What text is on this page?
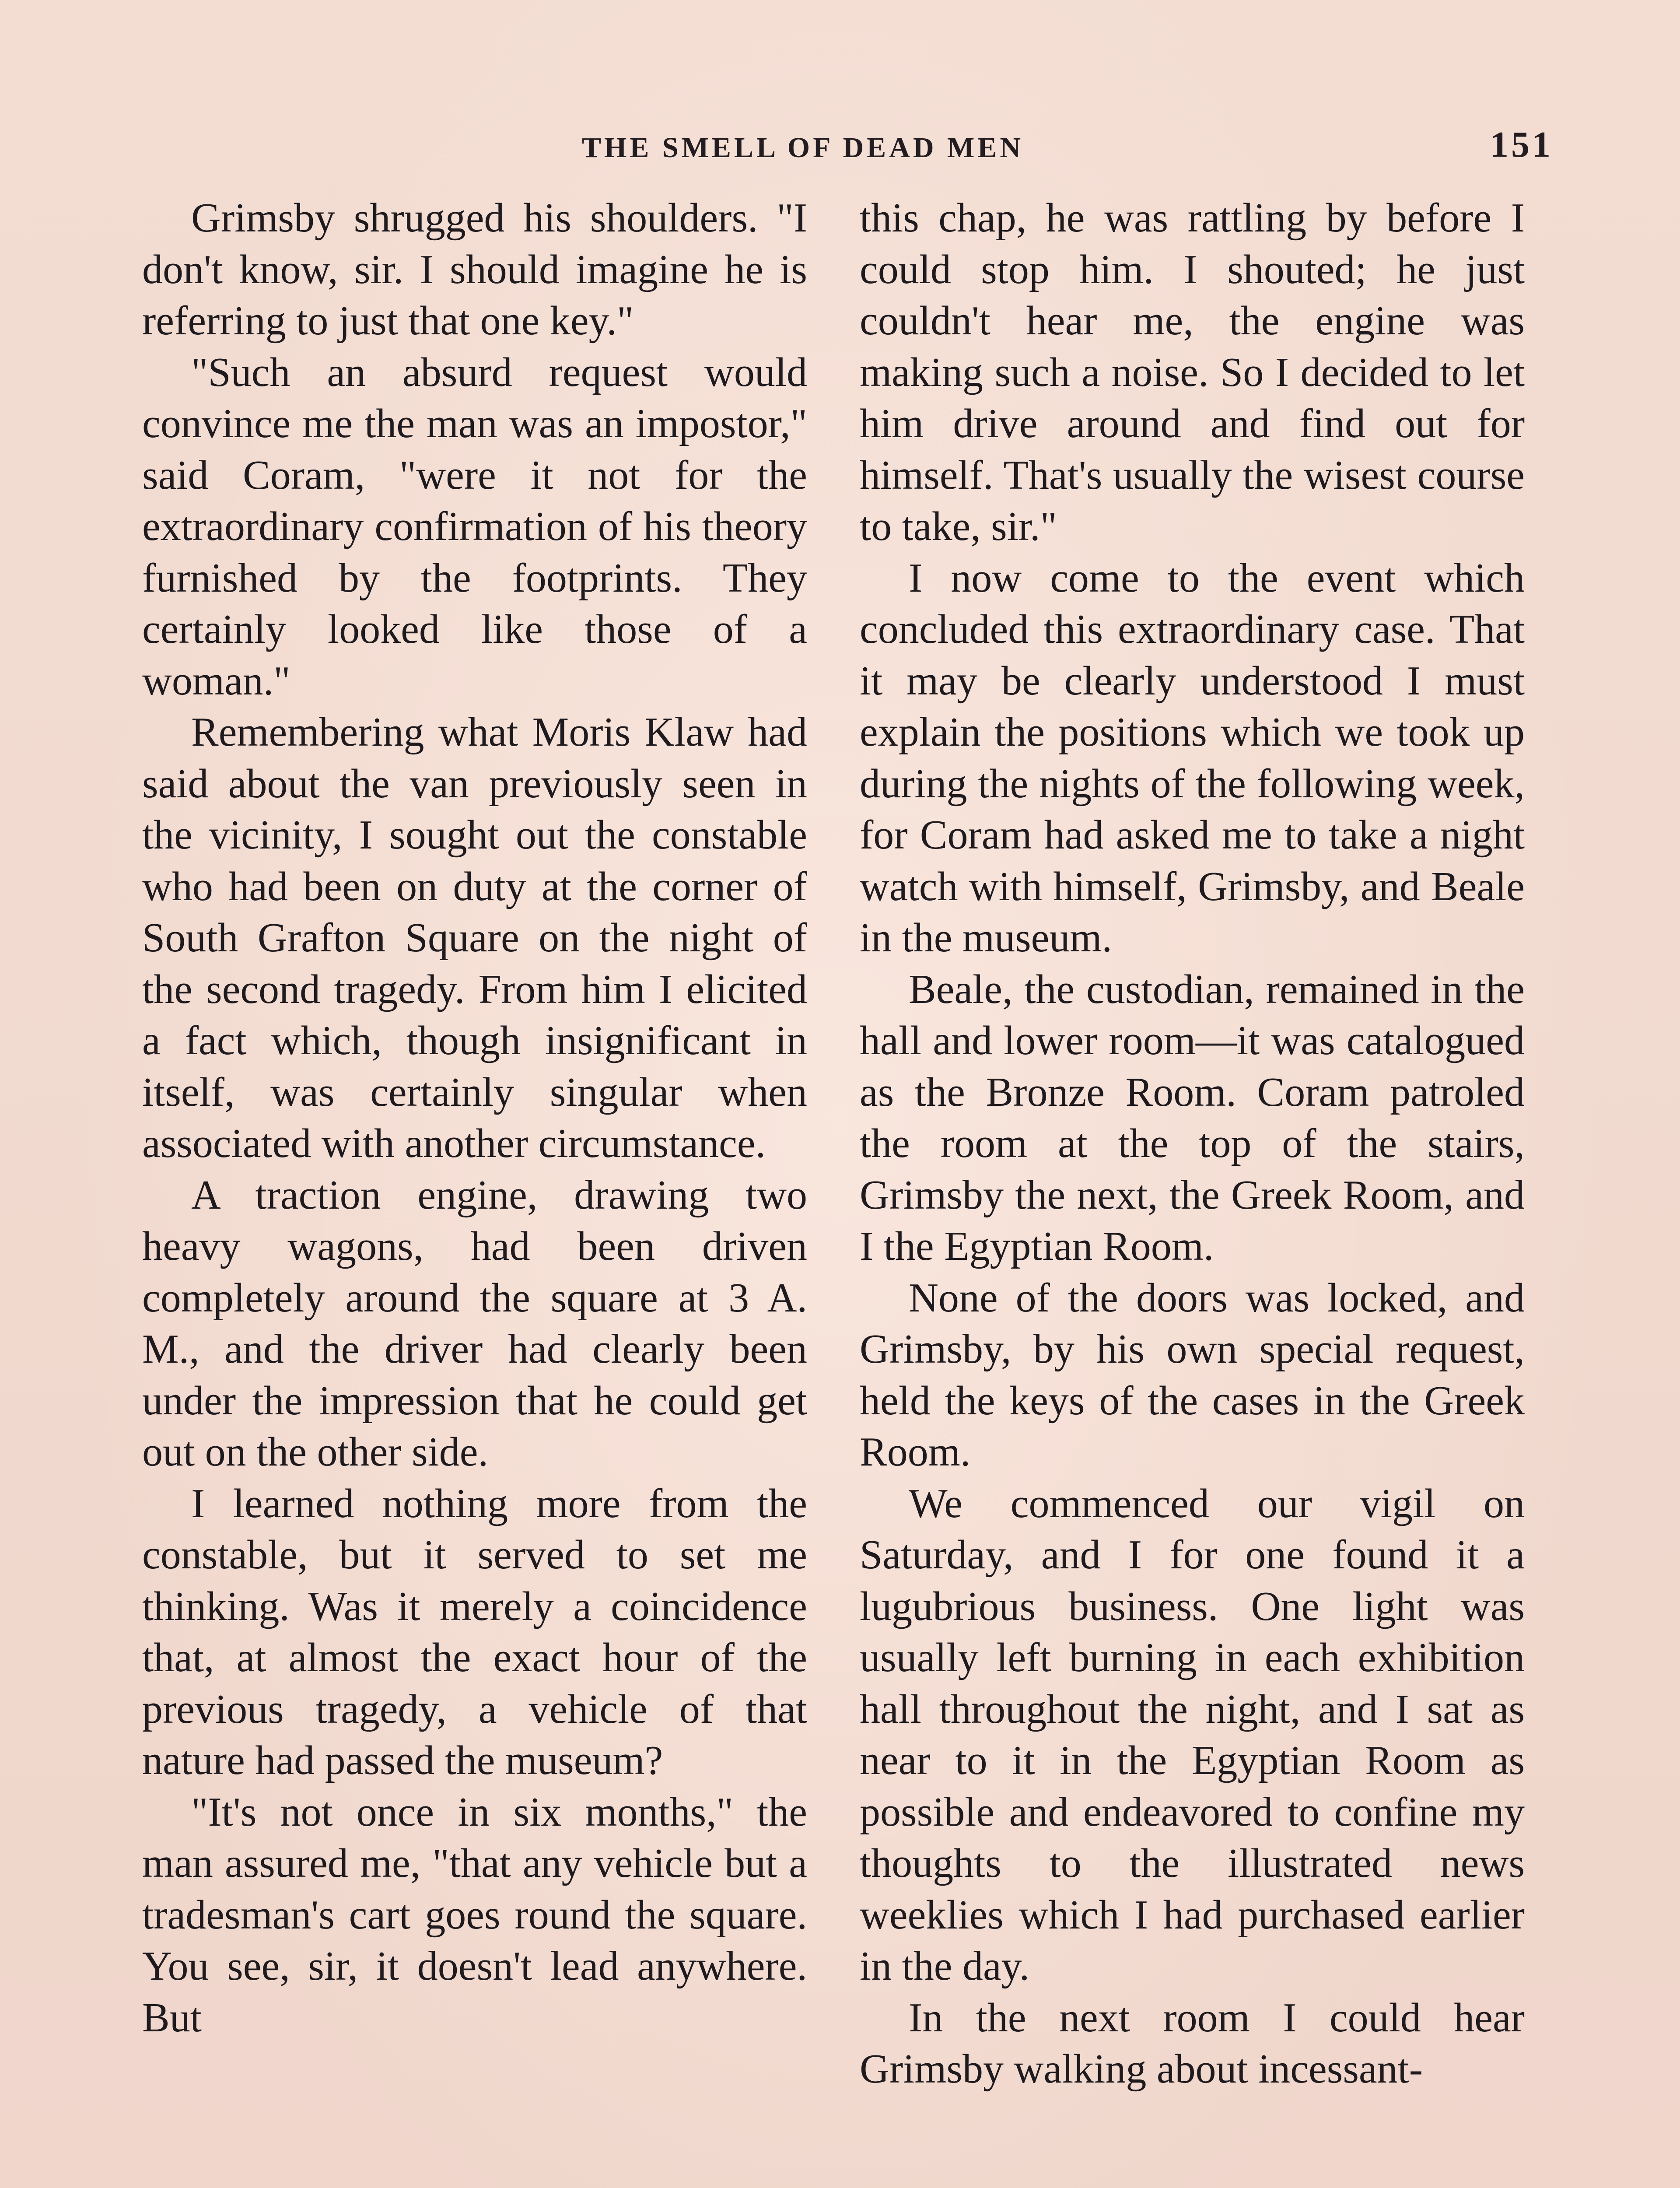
THE SMELL OF DEAD MEN	151

Grimsby shrugged his shoulders. "I don't know, sir. I should imagine he is referring to just that one key."

"Such an absurd request would convince me the man was an impostor," said Coram, "were it not for the extraordinary confirmation of his theory furnished by the footprints. They certainly looked like those of a woman."

Remembering what Moris Klaw had said about the van previously seen in the vicinity, I sought out the constable who had been on duty at the corner of South Grafton Square on the night of the second tragedy. From him I elicited a fact which, though insignificant in itself, was certainly singular when associated with another circumstance.

A traction engine, drawing two heavy wagons, had been driven completely around the square at 3 A. M., and the driver had clearly been under the impression that he could get out on the other side.

I learned nothing more from the constable, but it served to set me thinking. Was it merely a coincidence that, at almost the exact hour of the previous tragedy, a vehicle of that nature had passed the museum?

"It's not once in six months," the man assured me, "that any vehicle but a tradesman's cart goes round the square. You see, sir, it doesn't lead anywhere. But

this chap, he was rattling by before I could stop him. I shouted; he just couldn't hear me, the engine was making such a noise. So I decided to let him drive around and find out for himself. That's usually the wisest course to take, sir."

I now come to the event which concluded this extraordinary case. That it may be clearly understood I must explain the positions which we took up during the nights of the following week, for Coram had asked me to take a night watch with himself, Grimsby, and Beale in the museum.

Beale, the custodian, remained in the hall and lower room—it was catalogued as the Bronze Room. Coram patroled the room at the top of the stairs, Grimsby the next, the Greek Room, and I the Egyptian Room.

None of the doors was locked, and Grimsby, by his own special request, held the keys of the cases in the Greek Room.

We commenced our vigil on Saturday, and I for one found it a lugubrious business. One light was usually left burning in each exhibition hall throughout the night, and I sat as near to it in the Egyptian Room as possible and endeavored to confine my thoughts to the illustrated news weeklies which I had purchased earlier in the day.

In the next room I could hear Grimsby walking about incessant-
